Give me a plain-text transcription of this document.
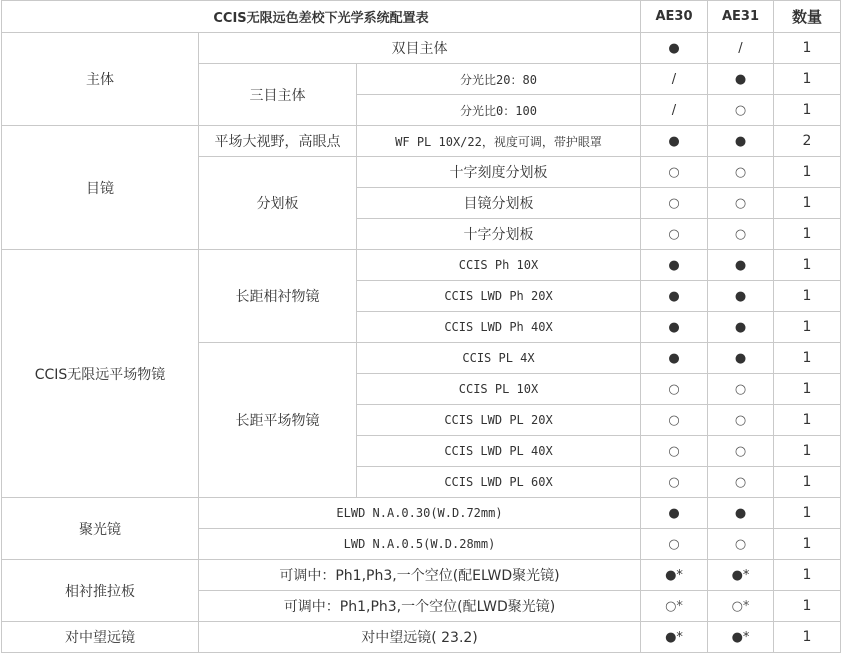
CCIS无限远色差校下光学系统配置表			AE30	AE31	数量
主体	双目主体		●	/	1
	三目主体	分光比20：80	/	●	1
		分光比0：100	/	○	1
目镜	平场大视野，高眼点	WF PL 10X/22，视度可调，带护眼罩	●	●	2
	分划板	十字刻度分划板	○	○	1
		目镜分划板	○	○	1
		十字分划板	○	○	1
CCIS无限远平场物镜	长距相衬物镜	CCIS Ph 10X	●	●	1
		CCIS LWD Ph 20X	●	●	1
		CCIS LWD Ph 40X	●	●	1
	长距平场物镜	CCIS PL 4X	●	●	1
		CCIS PL 10X	○	○	1
		CCIS LWD PL 20X	○	○	1
		CCIS LWD PL 40X	○	○	1
		CCIS LWD PL 60X	○	○	1
聚光镜	ELWD N.A.0.30(W.D.72mm)		●	●	1
	LWD N.A.0.5(W.D.28mm)		○	○	1
相衬推拉板	可调中：Ph1,Ph3,一个空位(配ELWD聚光镜)		●*	●*	1
	可调中：Ph1,Ph3,一个空位(配LWD聚光镜)		○*	○*	1
对中望远镜	对中望远镜( 23.2)		●*	●*	1
